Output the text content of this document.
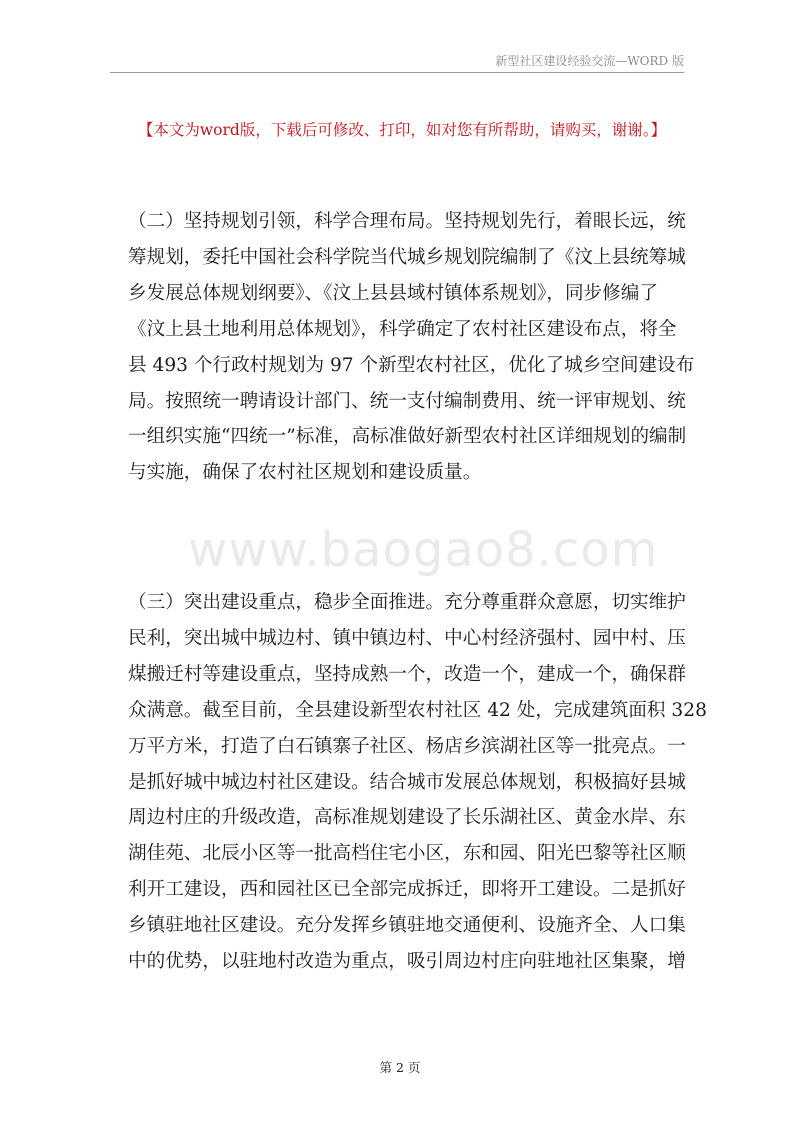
新型社区建设经验交流—WORD 版
【本文为word版，下载后可修改、打印，如对您有所帮助，请购买，谢谢。】
www.baogao8.com

（二）坚持规划引领，科学合理布局。坚持规划先行，着眼长远，统
筹规划，委托中国社会科学院当代城乡规划院编制了《汶上县统筹城
乡发展总体规划纲要》、《汶上县县域村镇体系规划》，同步修编了
《汶上县土地利用总体规划》，科学确定了农村社区建设布点，将全
县 493 个行政村规划为 97 个新型农村社区，优化了城乡空间建设布
局。按照统一聘请设计部门、统一支付编制费用、统一评审规划、统
一组织实施“四统一”标准，高标准做好新型农村社区详细规划的编制
与实施，确保了农村社区规划和建设质量。

（三）突出建设重点，稳步全面推进。充分尊重群众意愿，切实维护
民利，突出城中城边村、镇中镇边村、中心村经济强村、园中村、压
煤搬迁村等建设重点，坚持成熟一个，改造一个，建成一个，确保群
众满意。截至目前，全县建设新型农村社区 42 处，完成建筑面积 328
万平方米，打造了白石镇寨子社区、杨店乡滨湖社区等一批亮点。一
是抓好城中城边村社区建设。结合城市发展总体规划，积极搞好县城
周边村庄的升级改造，高标准规划建设了长乐湖社区、黄金水岸、东
湖佳苑、北辰小区等一批高档住宅小区，东和园、阳光巴黎等社区顺
利开工建设，西和园社区已全部完成拆迁，即将开工建设。二是抓好
乡镇驻地社区建设。充分发挥乡镇驻地交通便利、设施齐全、人口集
中的优势，以驻地村改造为重点，吸引周边村庄向驻地社区集聚，增

第 2 页
